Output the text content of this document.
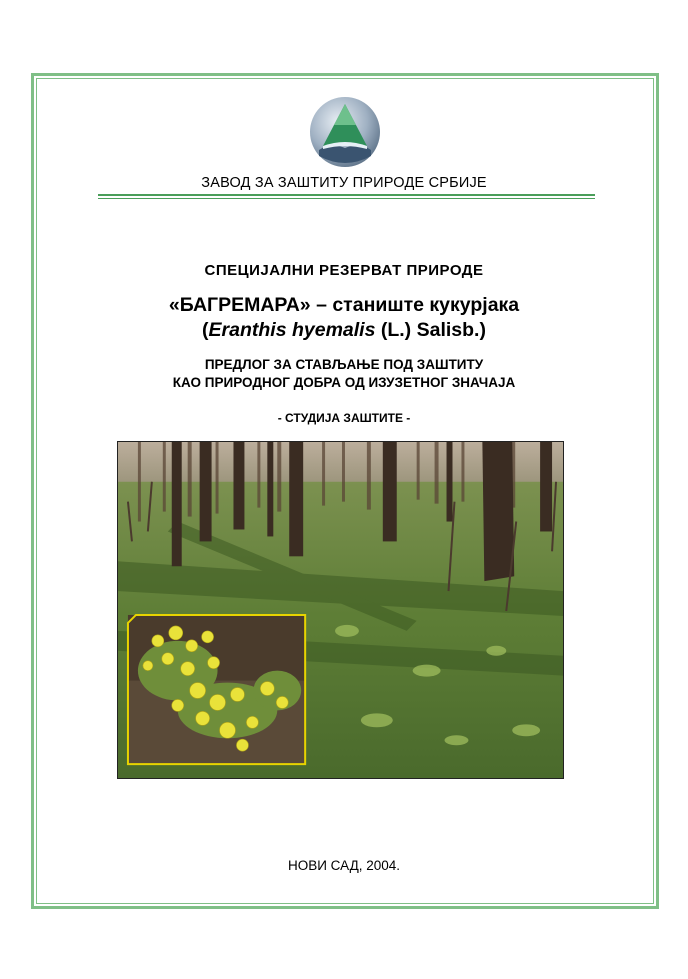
ЗАВОД ЗА ЗАШТИТУ ПРИРОДЕ СРБИЈЕ
СПЕЦИЈАЛНИ РЕЗЕРВАТ ПРИРОДЕ
«БАГРЕМАРА» – станиште кукурјака
(Eranthis hyemalis (L.) Salisb.)
ПРЕДЛОГ ЗА СТАВЉАЊЕ ПОД ЗАШТИТУ
КАО ПРИРОДНОГ ДОБРА ОД ИЗУЗЕТНОГ ЗНАЧАЈА
- СТУДИЈА ЗАШТИТЕ -
НОВИ САД, 2004.
